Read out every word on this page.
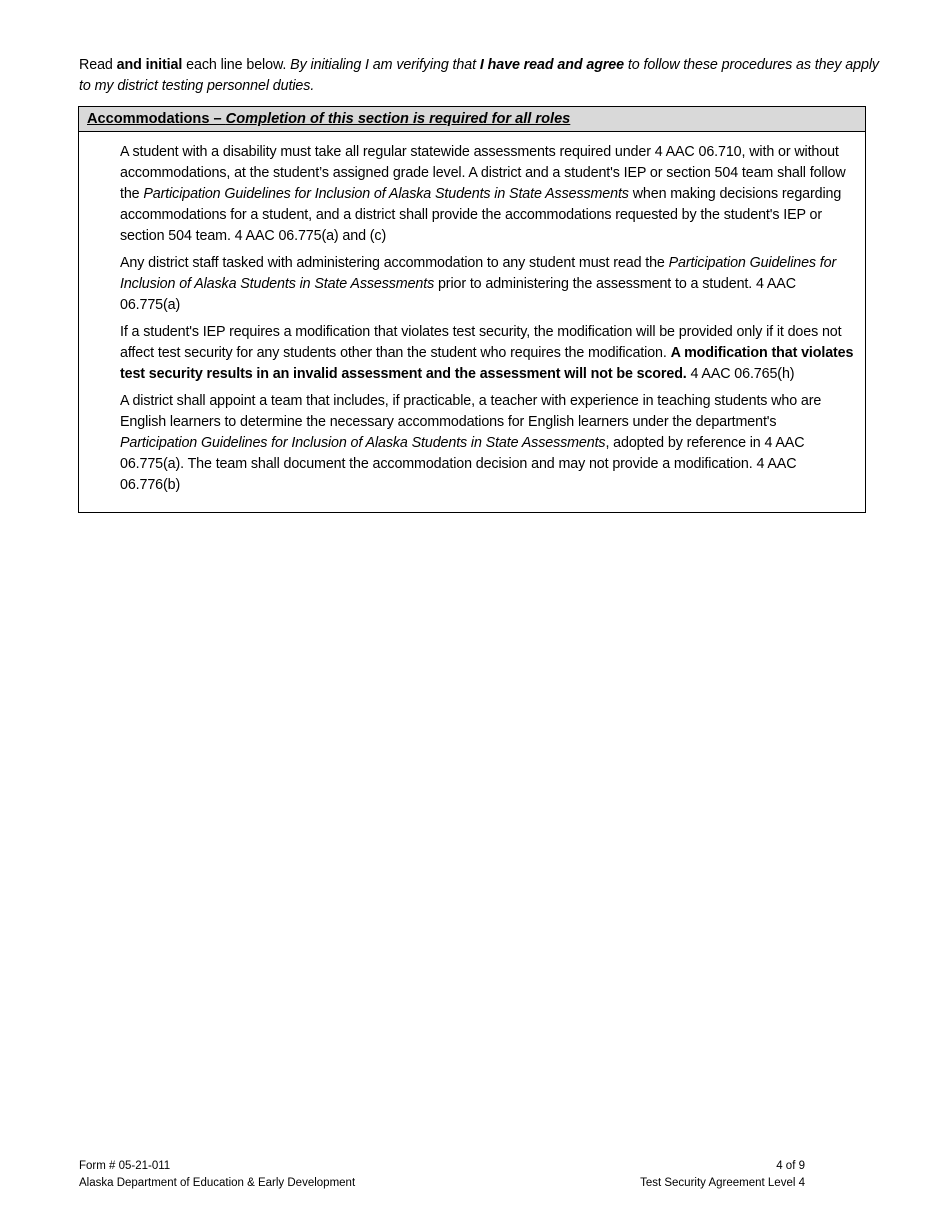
Read and initial each line below. By initialing I am verifying that I have read and agree to follow these procedures as they apply to my district testing personnel duties.
Accommodations – Completion of this section is required for all roles
A student with a disability must take all regular statewide assessments required under 4 AAC 06.710, with or without accommodations, at the student’s assigned grade level. A district and a student's IEP or section 504 team shall follow the Participation Guidelines for Inclusion of Alaska Students in State Assessments when making decisions regarding accommodations for a student, and a district shall provide the accommodations requested by the student's IEP or section 504 team. 4 AAC 06.775(a) and (c)
Any district staff tasked with administering accommodation to any student must read the Participation Guidelines for Inclusion of Alaska Students in State Assessments prior to administering the assessment to a student. 4 AAC 06.775(a)
If a student's IEP requires a modification that violates test security, the modification will be provided only if it does not affect test security for any students other than the student who requires the modification. A modification that violates test security results in an invalid assessment and the assessment will not be scored. 4 AAC 06.765(h)
A district shall appoint a team that includes, if practicable, a teacher with experience in teaching students who are English learners to determine the necessary accommodations for English learners under the department's Participation Guidelines for Inclusion of Alaska Students in State Assessments, adopted by reference in 4 AAC 06.775(a). The team shall document the accommodation decision and may not provide a modification. 4 AAC 06.776(b)
Form # 05-21-011
Alaska Department of Education & Early Development
4 of 9
Test Security Agreement Level 4
